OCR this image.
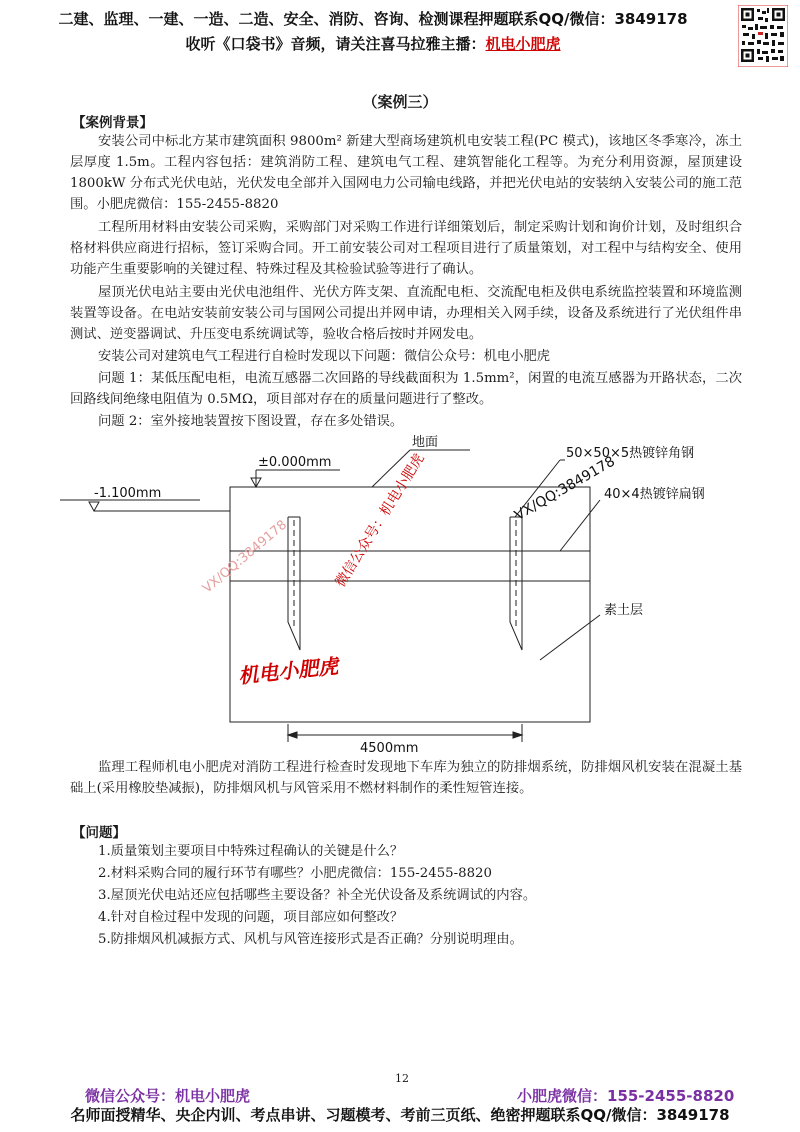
二建、监理、一建、一造、二造、安全、消防、咨询、检测课程押题联系QQ/微信：3849178
收听《口袋书》音频，请关注喜马拉雅主播：机电小肥虎
（案例三）
【案例背景】

安装公司中标北方某市建筑面积 9800m² 新建大型商场建筑机电安装工程(PC 模式)，该地区冬季寒冷，冻土层厚度 1.5m。工程内容包括：建筑消防工程、建筑电气工程、建筑智能化工程等。为充分利用资源，屋顶建设 1800kW 分布式光伏电站，光伏发电全部并入国网电力公司输电线路，并把光伏电站的安装纳入安装公司的施工范围。小肥虎微信：155-2455-8820

工程所用材料由安装公司采购，采购部门对采购工作进行详细策划后，制定采购计划和询价计划，及时组织合格材料供应商进行招标，签订采购合同。开工前安装公司对工程项目进行了质量策划，对工程中与结构安全、使用功能产生重要影响的关键过程、特殊过程及其检验试验等进行了确认。

屋顶光伏电站主要由光伏电池组件、光伏方阵支架、直流配电柜、交流配电柜及供电系统监控装置和环境监测装置等设备。在电站安装前安装公司与国网公司提出并网申请，办理相关入网手续，设备及系统进行了光伏组件串测试、逆变器调试、升压变电系统调试等，验收合格后按时并网发电。

安装公司对建筑电气工程进行自检时发现以下问题：微信公众号：机电小肥虎

问题 1：某低压配电柜，电流互感器二次回路的导线截面积为 1.5mm²，闲置的电流互感器为开路状态，二次回路线间绝缘电阻值为 0.5MΩ，项目部对存在的质量问题进行了整改。

问题 2：室外接地装置按下图设置，存在多处错误。

地面
±0.000mm
-1.100mm
50×50×5热镀锌角钢
40×4热镀锌扁钢
素土层
4500mm

监理工程师机电小肥虎对消防工程进行检查时发现地下车库为独立的防排烟系统，防排烟风机安装在混凝土基础上(采用橡胶垫减振)，防排烟风机与风管采用不燃材料制作的柔性短管连接。

【问题】
1.质量策划主要项目中特殊过程确认的关键是什么？
2.材料采购合同的履行环节有哪些？小肥虎微信：155-2455-8820
3.屋顶光伏电站还应包括哪些主要设备？补全光伏设备及系统调试的内容。
4.针对自检过程中发现的问题，项目部应如何整改？
5.防排烟风机减振方式、风机与风管连接形式是否正确？分别说明理由。
机电小肥虎
微信公众号：机电小肥虎	VX/QQ:3849178
VX/QQ:3849178
12
微信公众号：机电小肥虎	小肥虎微信：155-2455-8820
名师面授精华、央企内训、考点串讲、习题模考、考前三页纸、绝密押题联系QQ/微信：3849178
